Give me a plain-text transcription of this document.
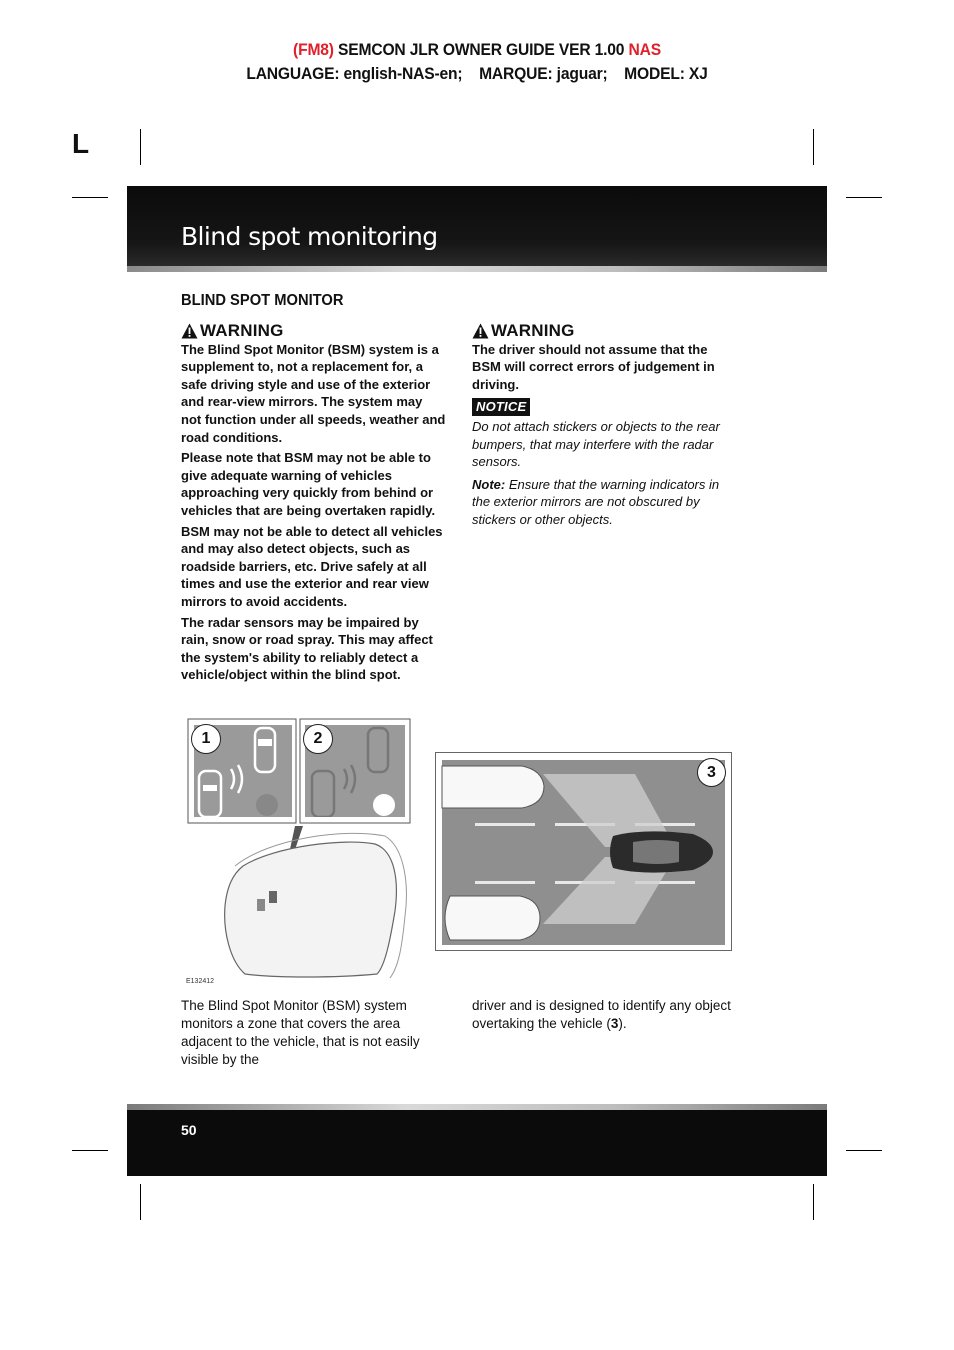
(FM8) SEMCON JLR OWNER GUIDE VER 1.00 NAS
LANGUAGE: english-NAS-en;    MARQUE: jaguar;    MODEL: XJ
L
Blind spot monitoring
BLIND SPOT MONITOR
WARNING

The Blind Spot Monitor (BSM) system is a supplement to, not a replacement for, a safe driving style and use of the exterior and rear-view mirrors. The system may not function under all speeds, weather and road conditions.

Please note that BSM may not be able to give adequate warning of vehicles approaching very quickly from behind or vehicles that are being overtaken rapidly.

BSM may not be able to detect all vehicles and may also detect objects, such as roadside barriers, etc. Drive safely at all times and use the exterior and rear view mirrors to avoid accidents.

The radar sensors may be impaired by rain, snow or road spray. This may affect the system's ability to reliably detect a vehicle/object within the blind spot.

WARNING

The driver should not assume that the BSM will correct errors of judgement in driving.

NOTICE

Do not attach stickers or objects to the rear bumpers, that may interfere with the radar sensors.

Note: Ensure that the warning indicators in the exterior mirrors are not obscured by stickers or other objects.

1	2
E132412
3
The Blind Spot Monitor (BSM) system monitors a zone that covers the area adjacent to the vehicle, that is not easily visible by the
driver and is designed to identify any object overtaking the vehicle (3).
50
